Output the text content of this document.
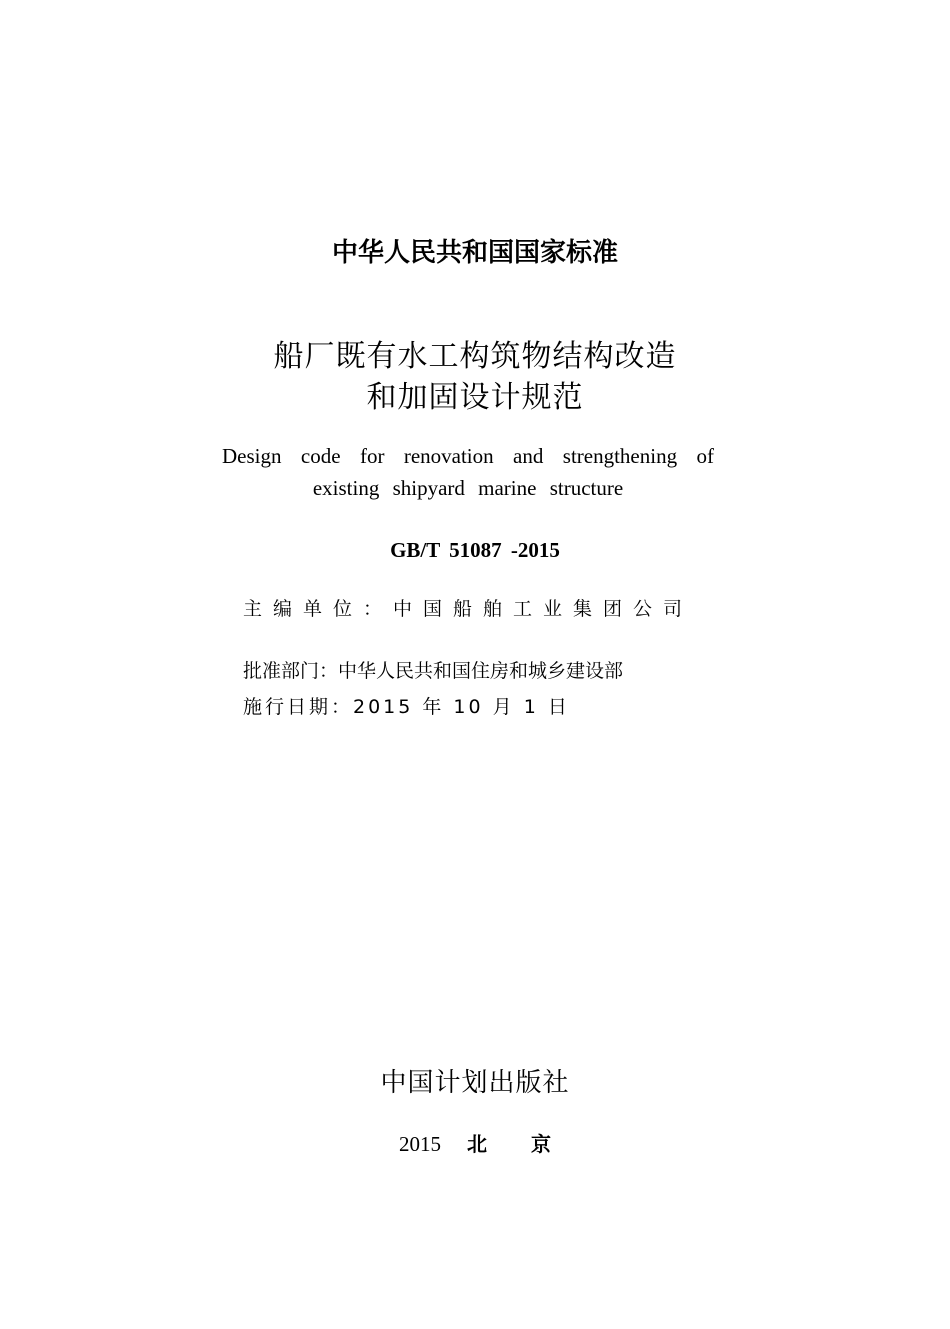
中华人民共和国国家标准
船厂既有水工构筑物结构改造
和加固设计规范
Design code for renovation and strengthening of
existing shipyard marine structure
GB/T 51087 -2015
主编单位：中国船舶工业集团公司
批准部门：中华人民共和国住房和城乡建设部
施行日期：2015 年 10 月 1 日
中国计划出版社
2015 北京
